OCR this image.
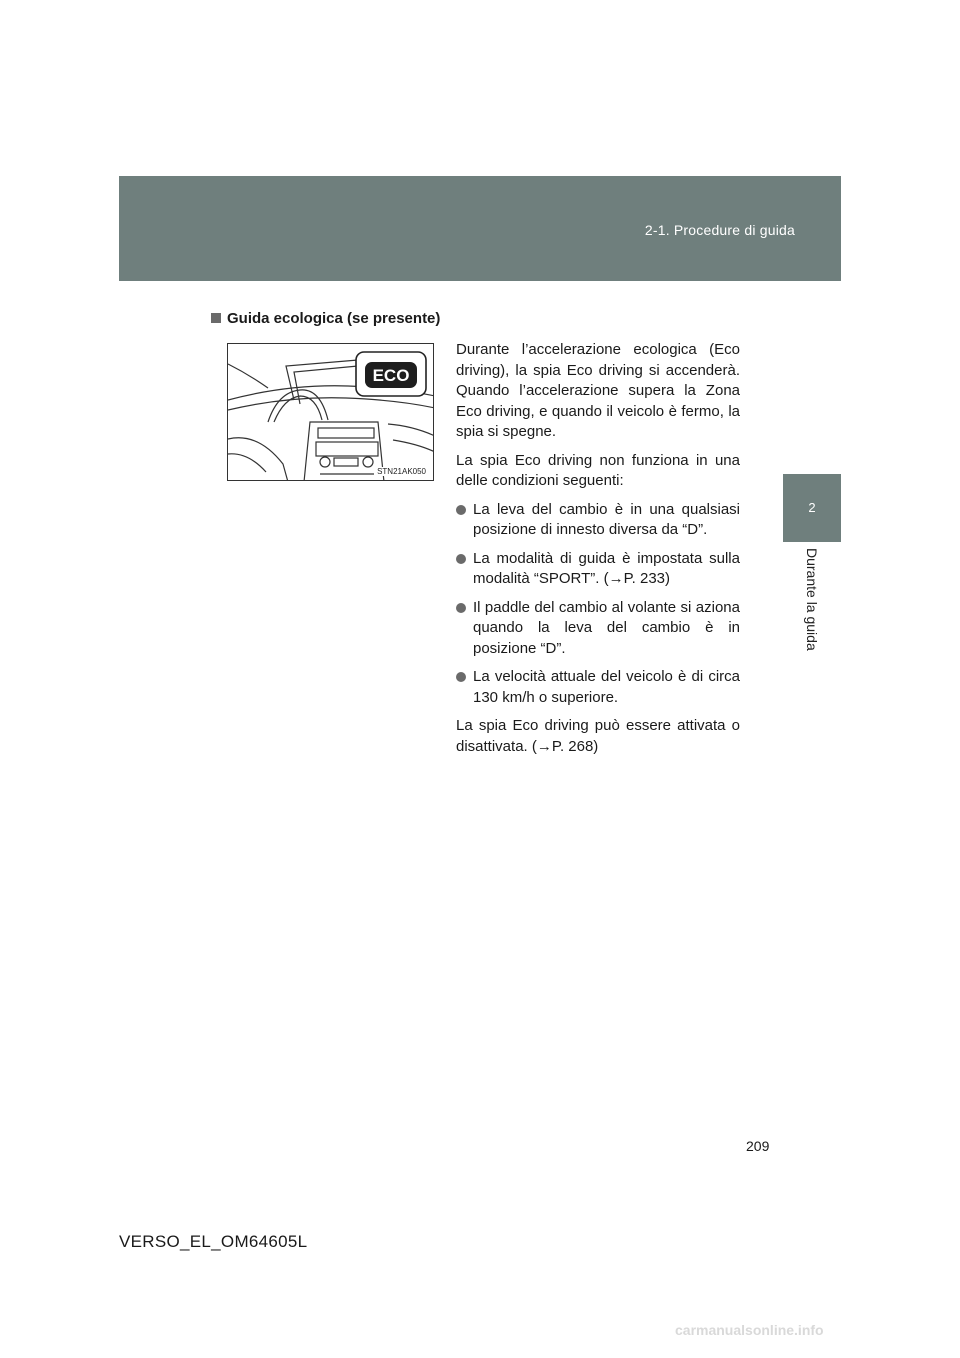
2-1. Procedure di guida
2
Durante la guida
Guida ecologica (se presente)
ECO
STN21AK050

Durante l’accelerazione ecologica (Eco driving), la spia Eco driving si accenderà. Quando l’accelerazione supera la Zona Eco driving, e quando il veicolo è fermo, la spia si spegne.

La spia Eco driving non funziona in una delle condizioni seguenti:

La leva del cambio è in una qualsiasi posizione di innesto diversa da “D”.
La modalità di guida è impostata sulla modalità “SPORT”. (→P. 233)
Il paddle del cambio al volante si aziona quando la leva del cambio è in posizione “D”.
La velocità attuale del veicolo è di circa 130 km/h o superiore.

La spia Eco driving può essere attivata o disattivata. (→P. 268)

209
VERSO_EL_OM64605L
carmanualsonline.info
